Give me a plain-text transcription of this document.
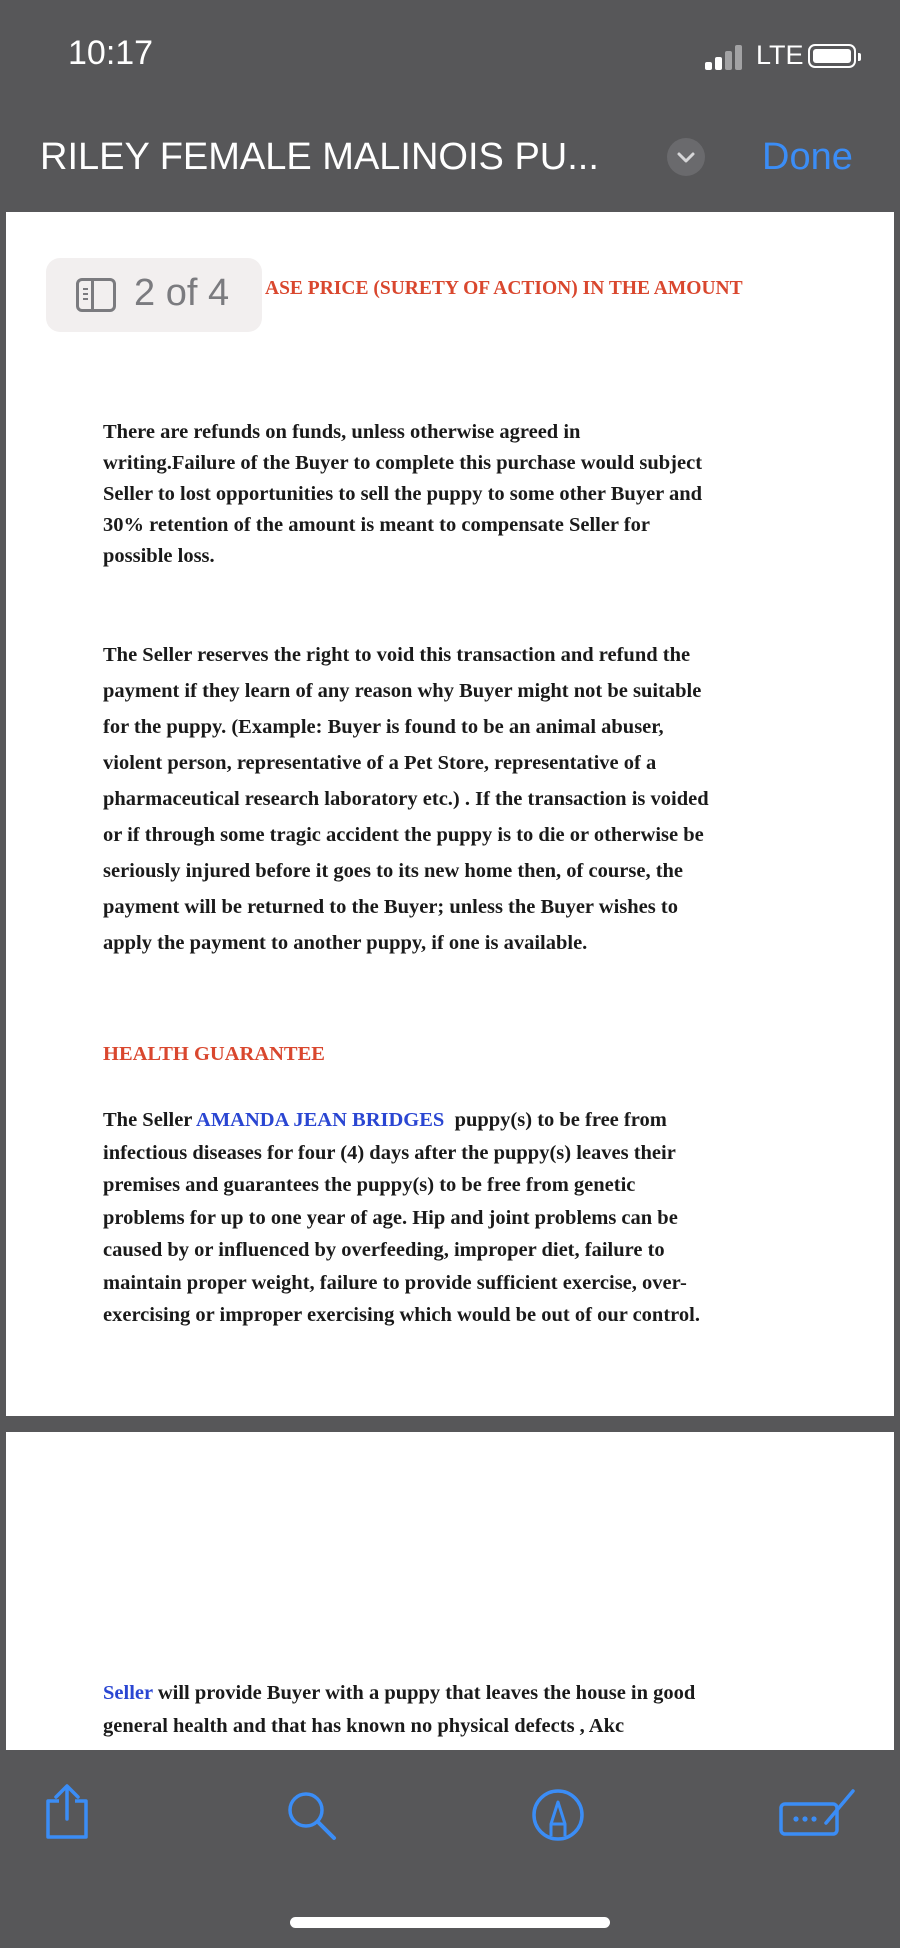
10:17	LTE
RILEY FEMALE MALINOIS PU...	Done
ASE PRICE (SURETY OF ACTION) IN THE AMOUNT
There are refunds on funds, unless otherwise agreed in
writing.Failure of the Buyer to complete this purchase would subject
Seller to lost opportunities to sell the puppy to some other Buyer and
30% retention of the amount is meant to compensate Seller for
possible loss.
The Seller reserves the right to void this transaction and refund the
payment if they learn of any reason why Buyer might not be suitable
for the puppy. (Example: Buyer is found to be an animal abuser,
violent person, representative of a Pet Store, representative of a
pharmaceutical research laboratory etc.) . If the transaction is voided
or if through some tragic accident the puppy is to die or otherwise be
seriously injured before it goes to its new home then, of course, the
payment will be returned to the Buyer; unless the Buyer wishes to
apply the payment to another puppy, if one is available.
HEALTH GUARANTEE
The Seller AMANDA JEAN BRIDGES  puppy(s) to be free from
infectious diseases for four (4) days after the puppy(s) leaves their
premises and guarantees the puppy(s) to be free from genetic
problems for up to one year of age. Hip and joint problems can be
caused by or influenced by overfeeding, improper diet, failure to
maintain proper weight, failure to provide sufficient exercise, over-
exercising or improper exercising which would be out of our control.
Seller will provide Buyer with a puppy that leaves the house in good
general health and that has known no physical defects , Akc
2 of 4
